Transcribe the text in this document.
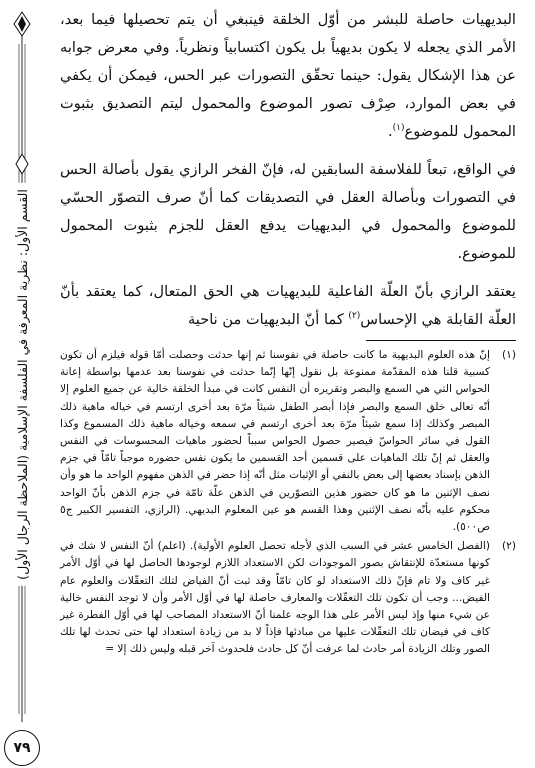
القسم الأول: نظرية المعرفة في الفلسفة الإسلامية (الملاحظة الرجال الأول)
٧٩

البديهيات حاصلة للبشر من أوّل الخلقة فينبغي أن يتم تحصيلها فيما بعد، الأمر الذي يجعله لا يكون بديهياً بل يكون اكتسابياً ونظرياً. وفي معرض جوابه عن هذا الإشكال يقول: حينما تحقّق التصورات عبر الحس، فيمكن أن يكفي في بعض الموارد، صِرْف تصور الموضوع والمحمول ليتم التصديق بثبوت المحمول للموضوع$^{(١)}$.

في الواقع، تبعاً للفلاسفة السابقين له، فإنّ الفخر الرازي يقول بأصالة الحس في التصورات وبأصالة العقل في التصديقات كما أنّ صرف التصوّر الحسّي للموضوع والمحمول في البديهيات يدفع العقل للجزم بثبوت المحمول للموضوع.

يعتقد الرازي بأنّ العلّة الفاعلية للبديهيات هي الحق المتعال، كما يعتقد بأنّ العلّة القابلة هي الإحساس$^{(٢)}$ كما أنّ البديهيات من ناحية

(١)
إنّ هذه العلوم البديهية ما كانت حاصلة في نفوسنا ثم إنها حدثت وحصلت أمّا قوله فيلزم أن تكون كسبية قلنا هذه المقدّمة ممنوعة بل نقول إنّها إنّما حدثت في نفوسنا بعد عدمها بواسطة إعانة الحواس التي هي السمع والبصر وتقريره أن النفس كانت في مبدأ الخلقة خالية عن جميع العلوم إلا أنّه تعالى خلق السمع والبصر فإذا أبصر الطفل شيئاً مرّة بعد أخرى ارتسم في خياله ماهية ذلك المبصر وكذلك إذا سمع شيئاً مرّة بعد أخرى ارتسم في سمعه وخياله ماهية ذلك المسموع وكذا القول في سائر الحواسّ فيصير حصول الحواس سبباً لحضور ماهيات المحسوسات في النفس والعقل ثم إنّ تلك الماهيات على قسمين أحد القسمين ما يكون نفس حضوره موجباً تامّاً في جزم الذهن بإسناد بعضها إلى بعض بالنفي أو الإثبات مثل أنّه إذا حضر في الذهن مفهوم الواحد ما هو وأن نصف الإثنين ما هو كان حضور هذين التصوّرين في الذهن علّة تامّة في جزم الذهن بأنّ الواحد محكوم عليه بأنّه نصف الإثنين وهذا القسم هو عين المعلوم البديهي. (الرازي، التفسير الكبير ج٥ ص٥٠٠).
(٢)
(الفصل الخامس عشر في السبب الذي لأجله تحصل العلوم الأولية). (اعلم) أنّ النفس لا شك في كونها مستعدّة للإنتقاش بصور الموجودات لكن الاستعداد اللازم لوجودها الحاصل لها في أوّل الأمر غير كاف ولا تام فإنّ ذلك الاستعداد لو كان تامّاً وقد ثبت أنّ الفياض لتلك التعقّلات والعلوم عام الفيض... وجب أن تكون تلك التعقّلات والمعارف حاصلة لها في أوّل الأمر وأن لا توجد النفس خالية عن شيء منها وإذ ليس الأمر على هذا الوجه علمنا أنّ الاستعداد المصاحب لها في أوّل الفطرة غير كاف في فيضان تلك التعقّلات عليها من مبادئها فإذاً لا بد من زيادة استعداد لها حتى تحدث لها تلك الصور وتلك الزيادة أمر حادث لما عرفت أنّ كل حادث فلحدوث آخر قبله وليس ذلك إلا =
